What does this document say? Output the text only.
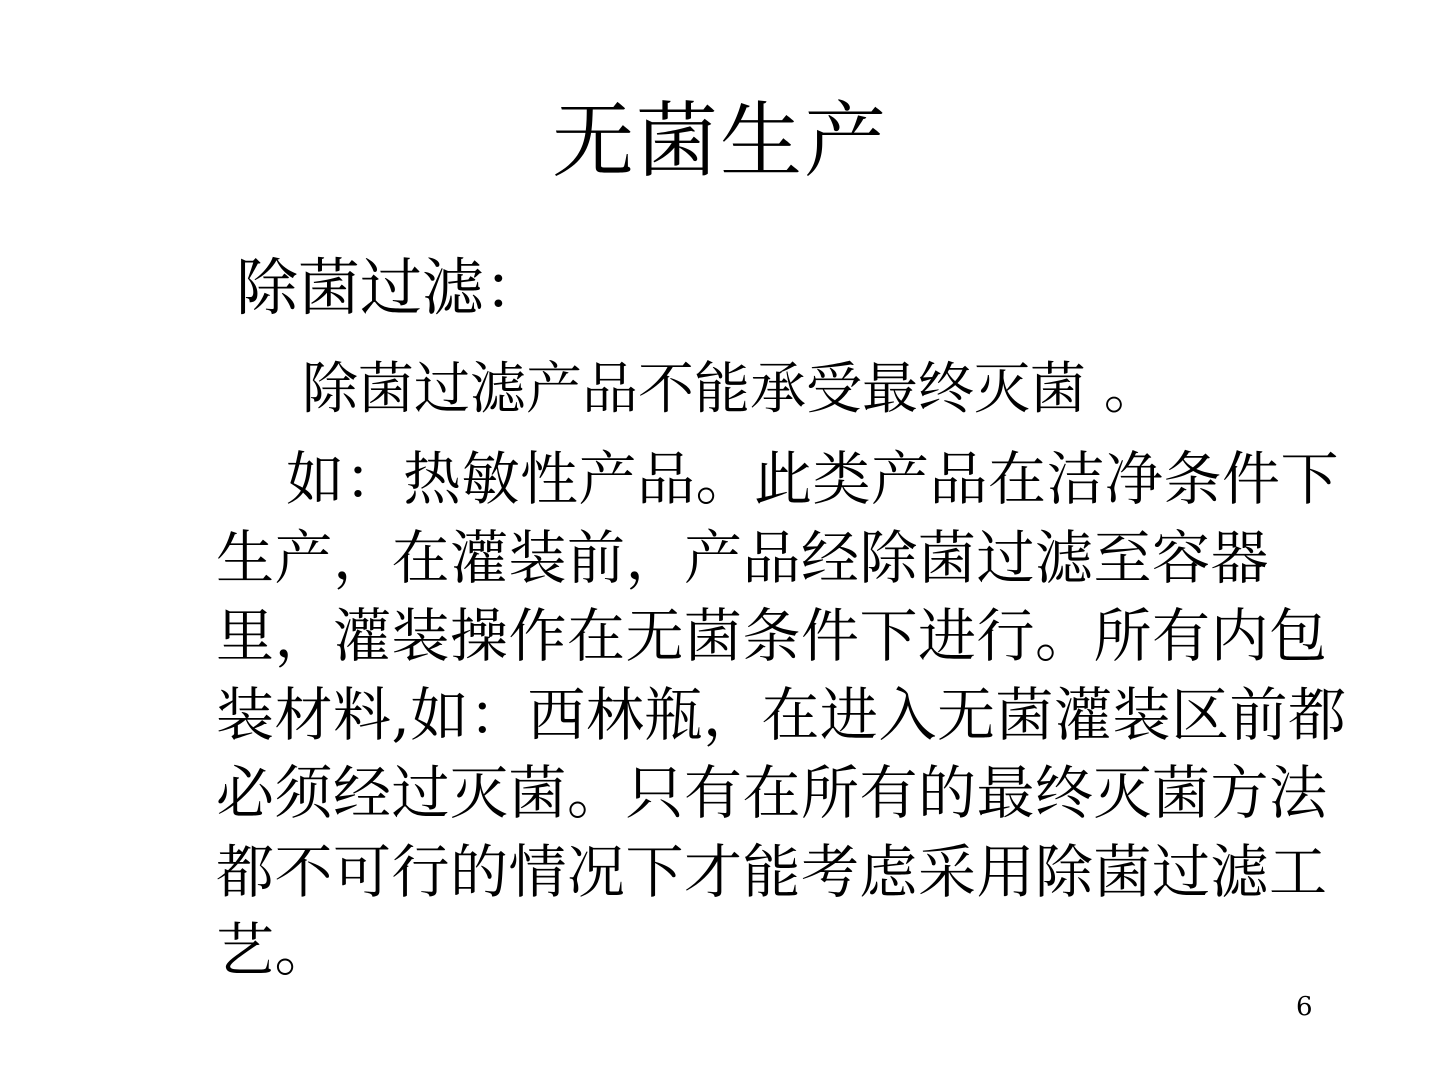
无菌生产
除菌过滤：
除菌过滤产品不能承受最终灭菌 。
如：热敏性产品。此类产品在洁净条件下生产，在灌装前，产品经除菌过滤至容器里，灌装操作在无菌条件下进行。所有内包装材料,如：西林瓶，在进入无菌灌装区前都必须经过灭菌。只有在所有的最终灭菌方法都不可行的情况下才能考虑采用除菌过滤工艺。
6
